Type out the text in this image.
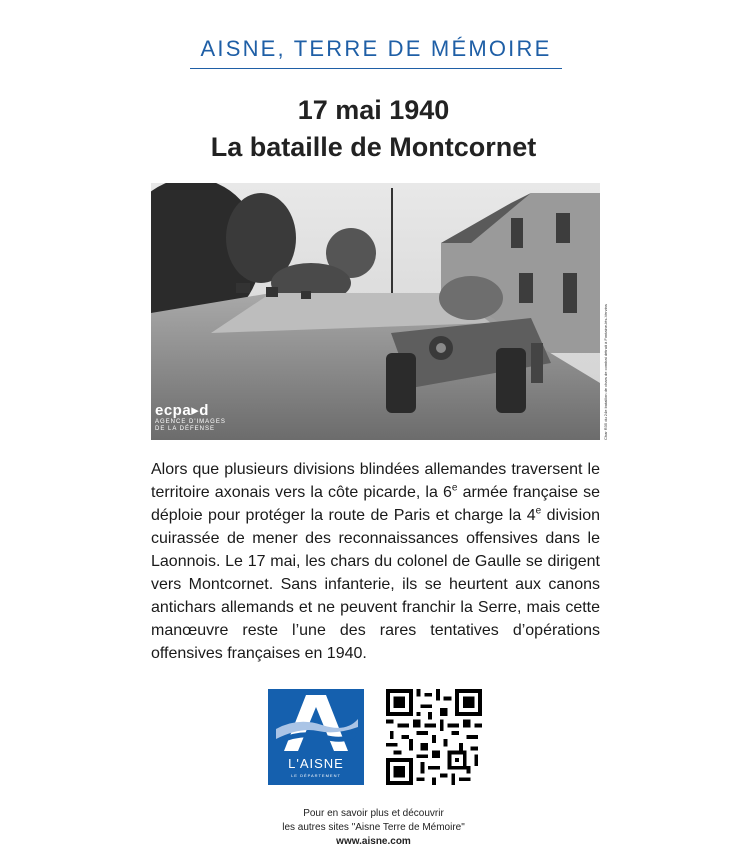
AISNE, TERRE DE MÉMOIRE
17 mai 1940
La bataille de Montcornet
ecpa▸d
AGENCE D'IMAGES
DE LA DÉFENSE	Char R35 du 24e bataillon de chars de combat détruit à Fontaine-lès-Vervins
Alors que plusieurs divisions blindées allemandes traversent le territoire axonais vers la côte picarde, la 6e armée française se déploie pour protéger la route de Paris et charge la 4e division cuirassée de mener des reconnaissances offensives dans le Laonnois. Le 17 mai, les chars du colonel de Gaulle se dirigent vers Montcornet. Sans infanterie, ils se heurtent aux canons antichars allemands et ne peuvent franchir la Serre, mais cette manœuvre reste l’une des rares tentatives d’opérations offensives françaises en 1940.
L'AISNE
LE DÉPARTEMENT
Pour en savoir plus et découvrir
les autres sites "Aisne Terre de Mémoire"
www.aisne.com
